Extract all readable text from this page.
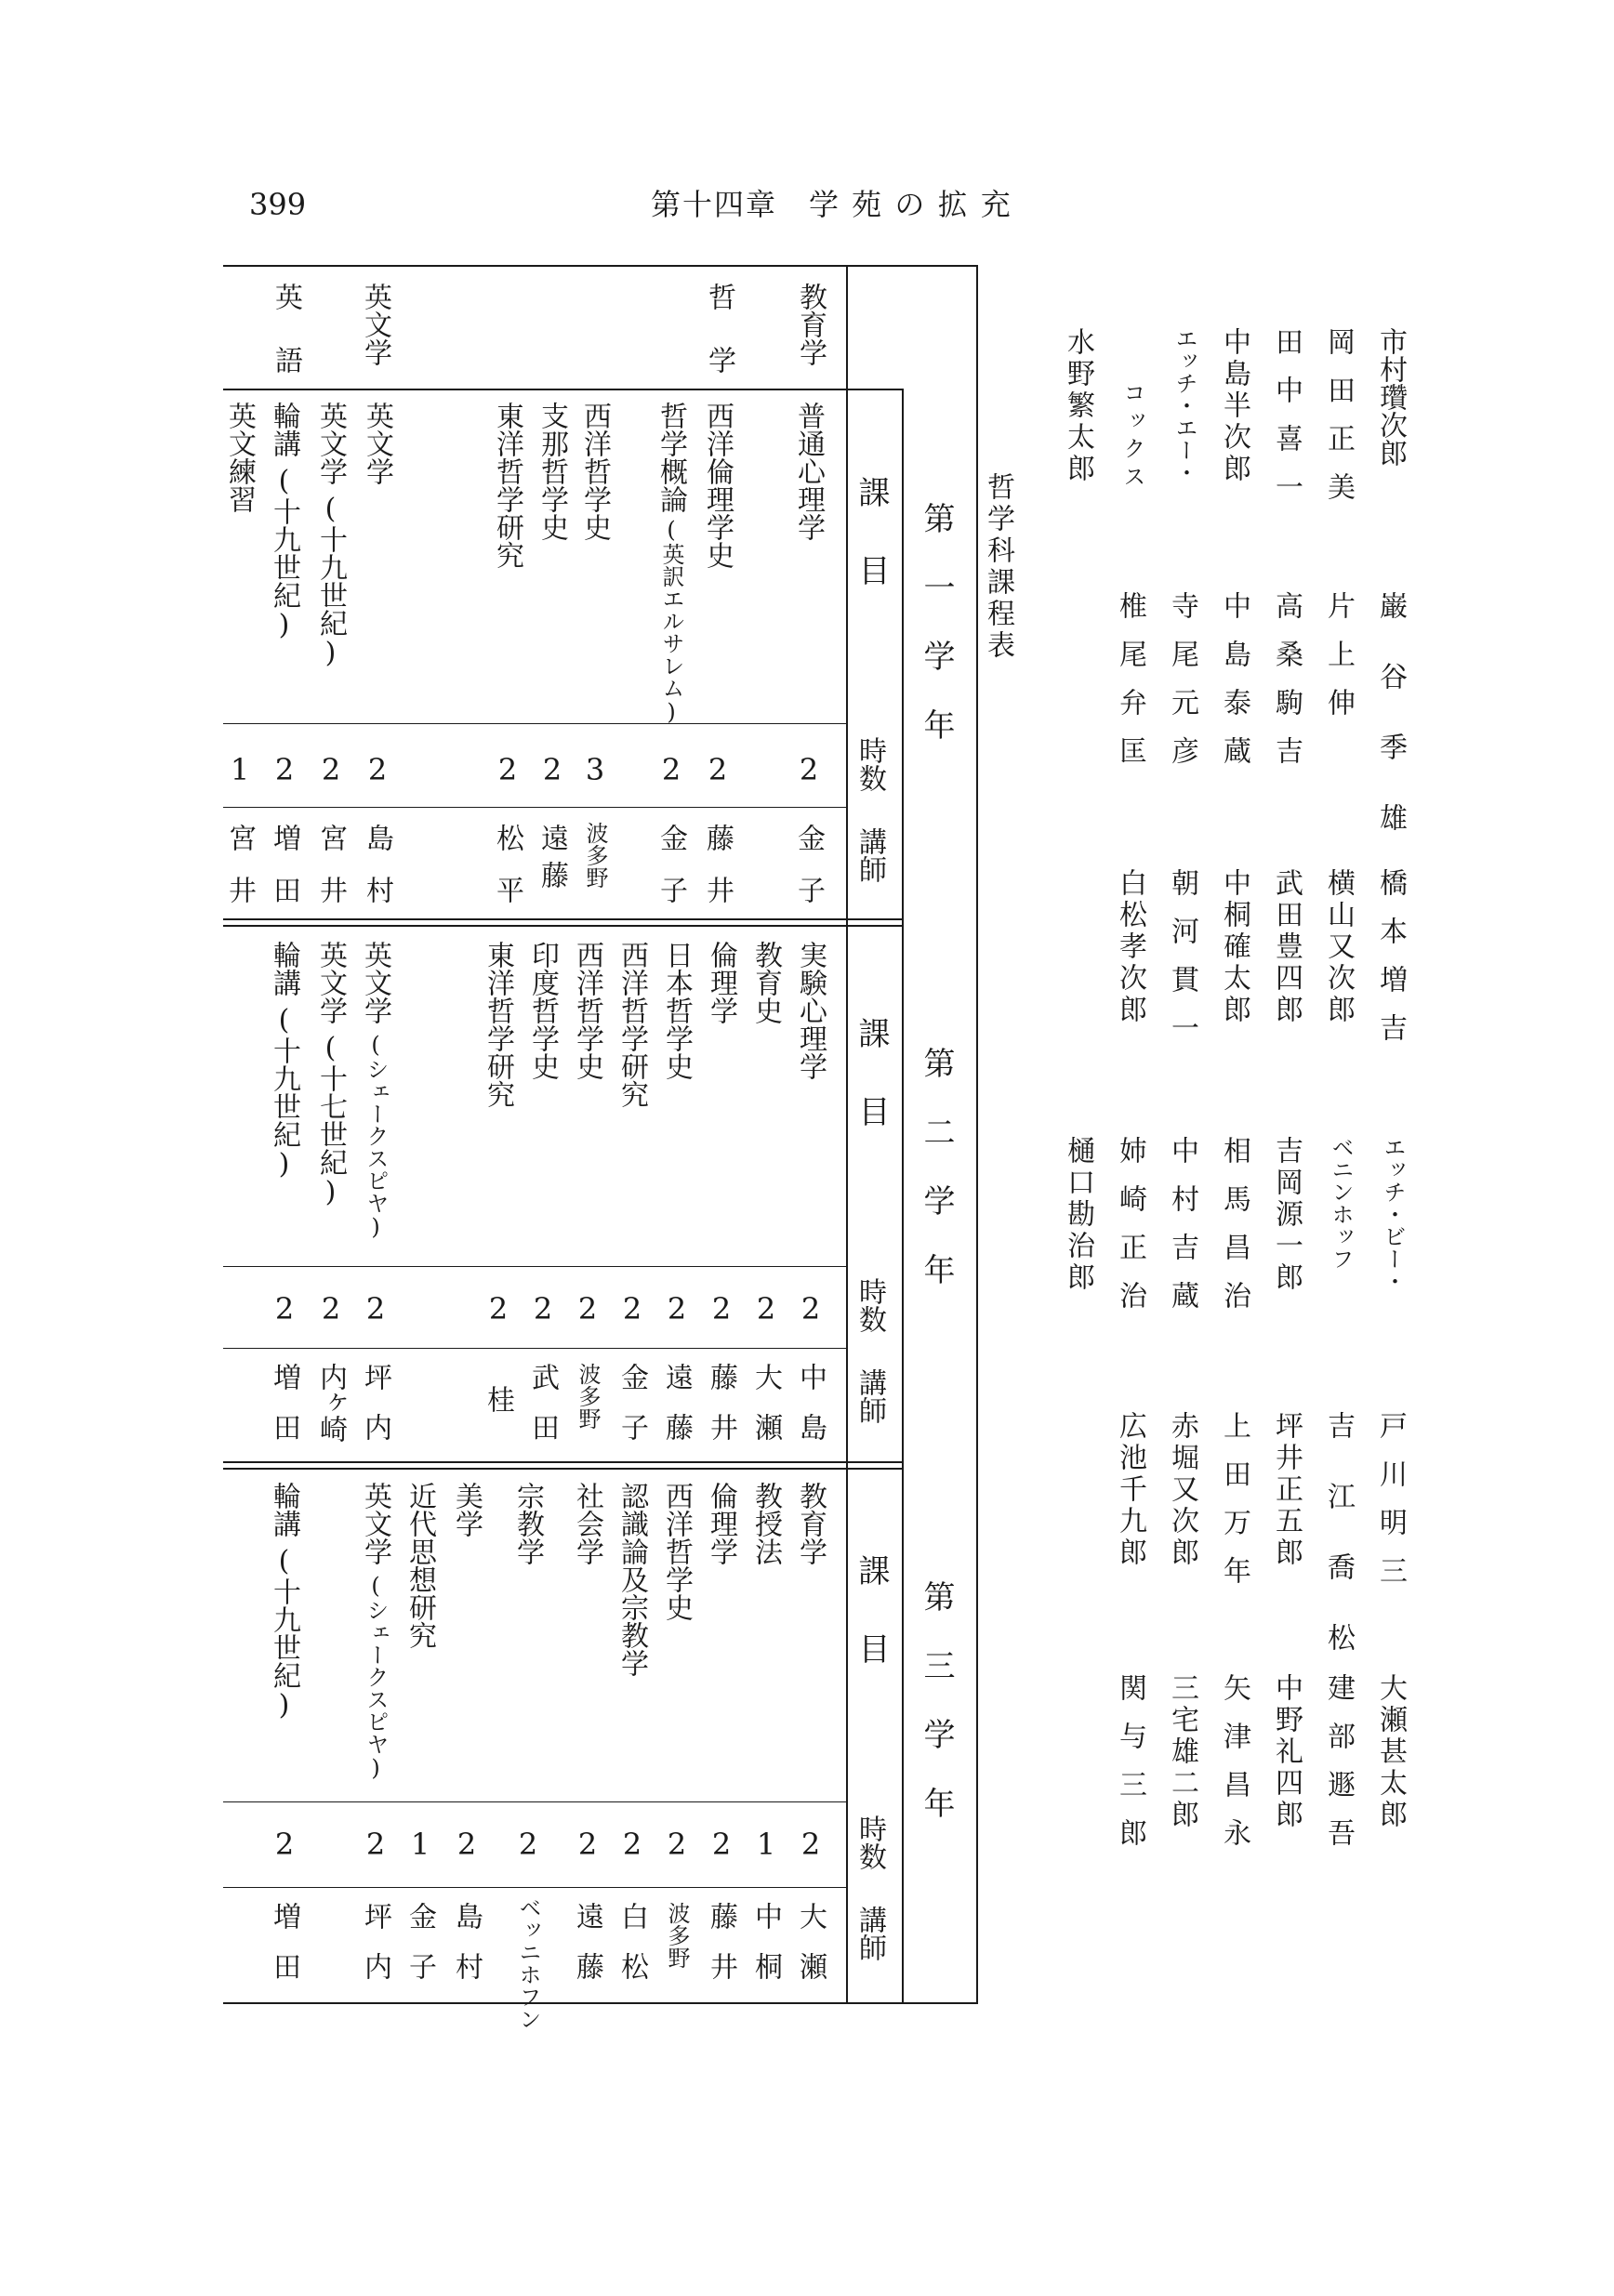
399	第十四章　学 苑 の 拡 充
哲学科課程表
教育学
哲
学
英文学
英
語
第一学年
第二学年
第三学年
課目
時数
講師
課目
時数
講師
課目
時数
講師
普通心理学
2
金子
西洋倫理学史
2
藤井
哲学概論
(英訳エルサレム)
2
金子
西洋哲学史
3
波多野
支那哲学史
2
遠藤
東洋哲学研究
2
松平
英文学
2
島村
英文学
(十九世紀)
2
宮井
輪講
(十九世紀)
2
増田
英文練習
1
宮井
実験心理学
2
中島
教育史
2
大瀬
倫理学
2
藤井
日本哲学史
2
遠藤
西洋哲学研究
2
金子
西洋哲学史
2
波多野
印度哲学史
2
武田
東洋哲学研究
2
桂
英文学
(シェークスピヤ)
2
坪内
英文学
(十七世紀)
2
内ヶ崎
輪講
(十九世紀)
2
増田
教育学
2
大瀬
教授法
1
中桐
倫理学
2
藤井
西洋哲学史
2
波多野
認識論及宗教学
2
白松
社会学
2
遠藤
宗教学
2
ベッニホフン
美学
2
島村
近代思想研究
1
金子
英文学
(シェークスピヤ)
2
坪内
輪講
(十九世紀)
2
増田
市村瓚次郎
巌谷季雄
橋本増吉
エッチ・ビー・
戸川明三
大瀬甚太郎
岡田正美
片上伸
横山又次郎
ベニンホッフ
吉江喬松
建部遯吾
田中喜一
高桑駒吉
武田豊四郎
吉岡源一郎
坪井正五郎
中野礼四郎
中島半次郎
中島泰蔵
中桐確太郎
相馬昌治
上田万年
矢津昌永
エッチ・エー・
寺尾元彦
朝河貫一
中村吉蔵
赤堀又次郎
三宅雄二郎
コックス
椎尾弁匡
白松孝次郎
姉崎正治
広池千九郎
関与三郎
水野繁太郎
樋口勘治郎
